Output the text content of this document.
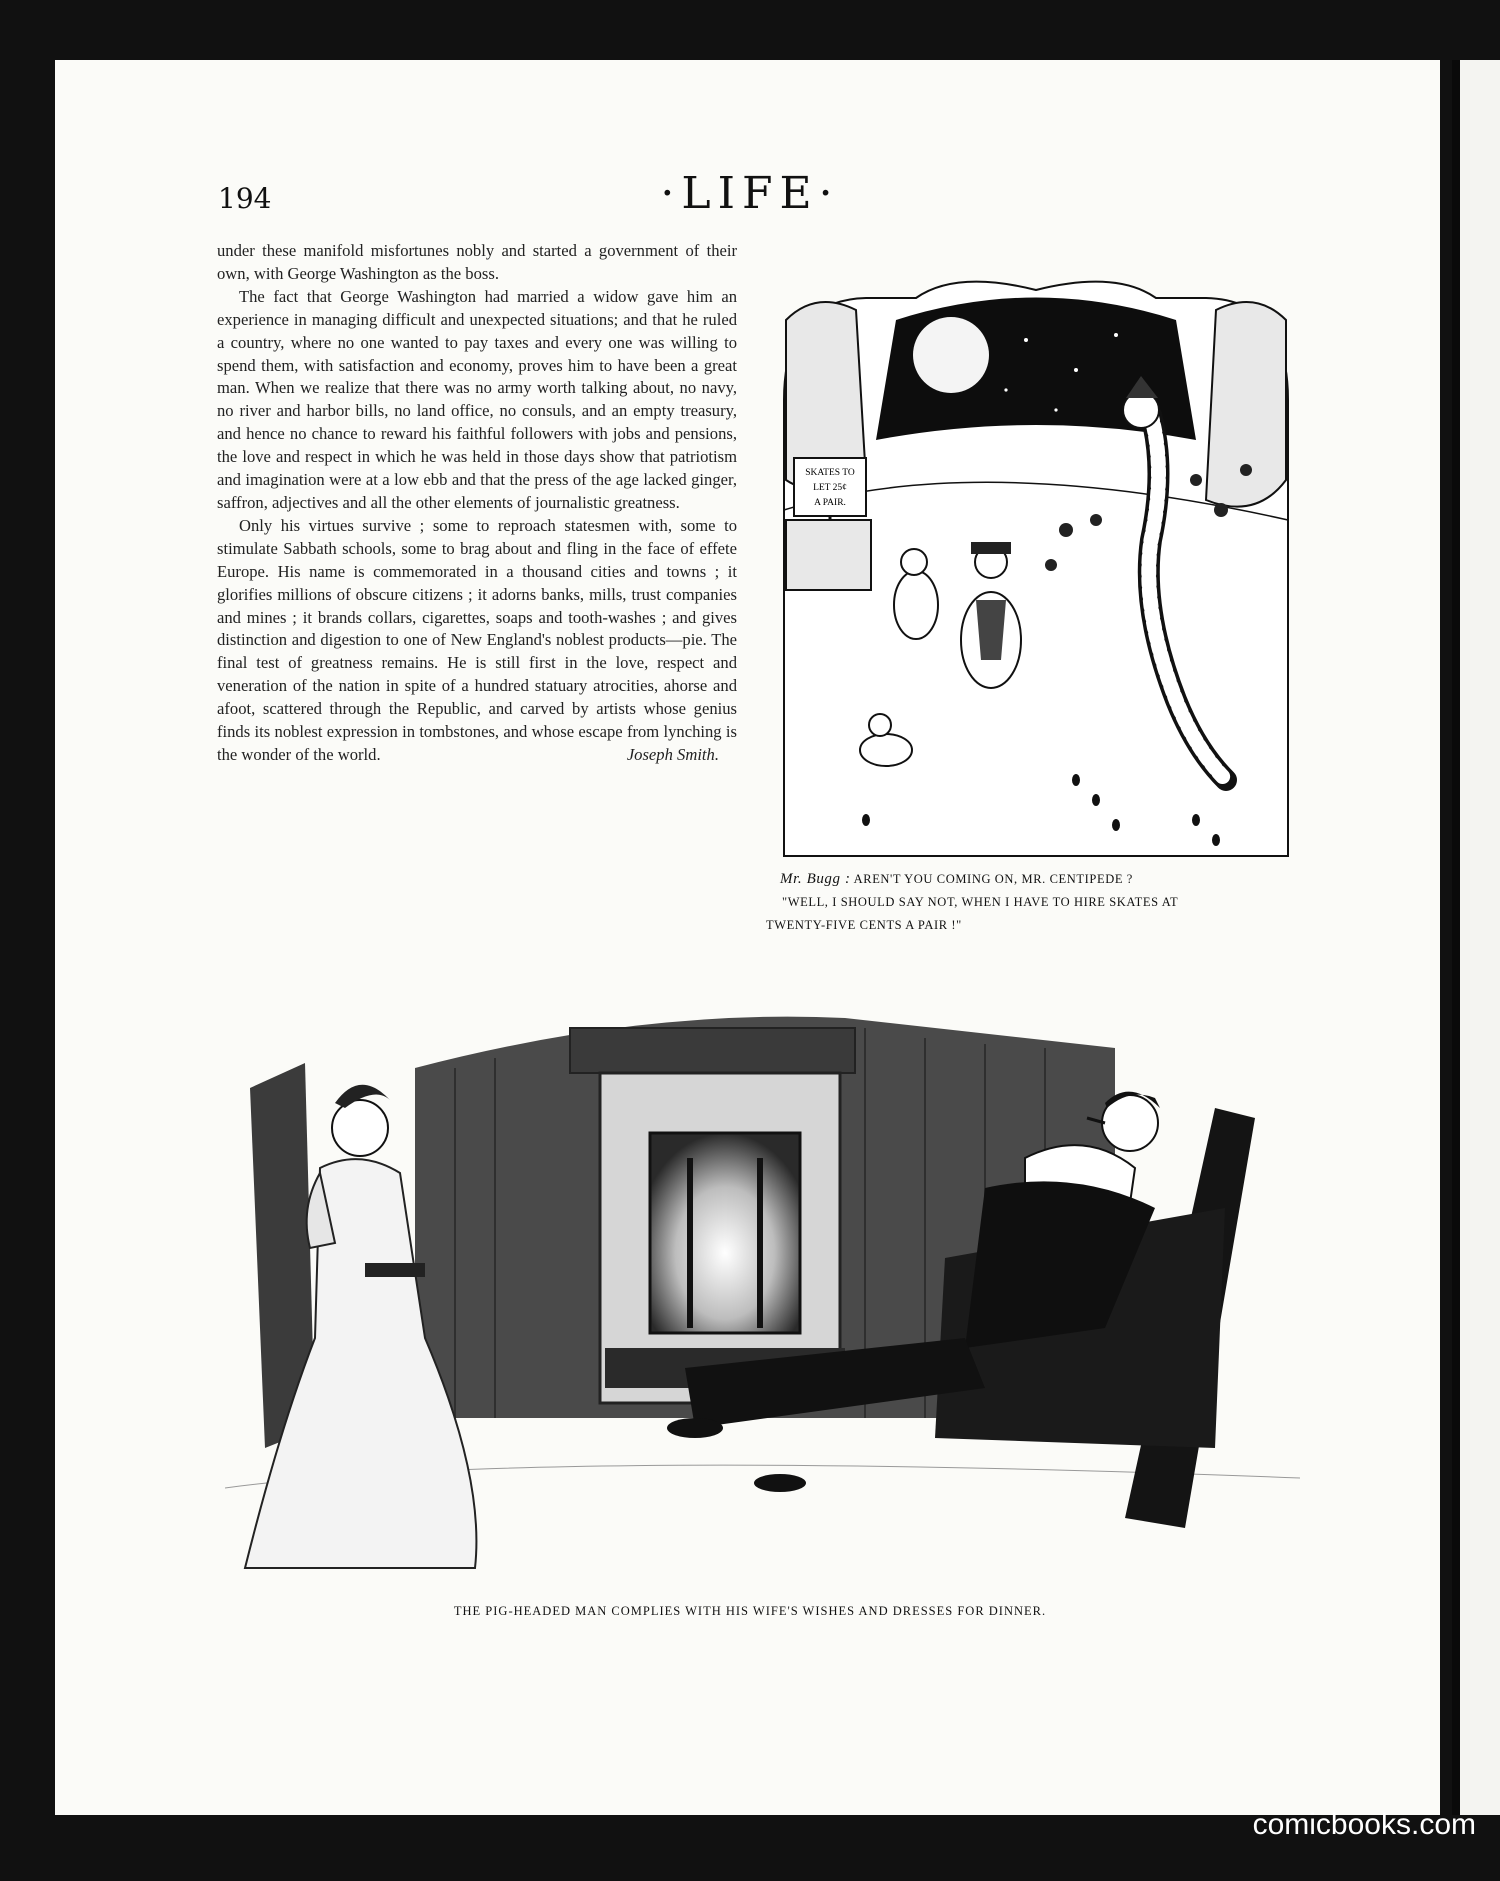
194	·LIFE·

under these manifold misfortunes nobly and started a government of their own, with George Washington as the boss.

The fact that George Washington had married a widow gave him an experience in managing difficult and unexpected situations; and that he ruled a country, where no one wanted to pay taxes and every one was willing to spend them, with satisfaction and economy, proves him to have been a great man. When we realize that there was no army worth talking about, no navy, no river and harbor bills, no land office, no consuls, and an empty treasury, and hence no chance to reward his faithful followers with jobs and pensions, the love and respect in which he was held in those days show that patriotism and imagination were at a low ebb and that the press of the age lacked ginger, saffron, adjectives and all the other elements of journalistic greatness.

Only his virtues survive ; some to reproach statesmen with, some to stimulate Sabbath schools, some to brag about and fling in the face of effete Europe. His name is commemorated in a thousand cities and towns ; it glorifies millions of obscure citizens ; it adorns banks, mills, trust companies and mines ; it brands collars, cigarettes, soaps and tooth-washes ; and gives distinction and digestion to one of New England's noblest products—pie. The final test of greatness remains. He is still first in the love, respect and veneration of the nation in spite of a hundred statuary atrocities, ahorse and afoot, scattered through the Republic, and carved by artists whose genius finds its noblest expression in tombstones, and whose escape from lynching is the wonder of the world.	Joseph Smith.

SKATES TO
LET 25¢
A PAIR.
Mr. Bugg : AREN'T YOU COMING ON, MR. CENTIPEDE ?
"WELL, I SHOULD SAY NOT, WHEN I HAVE TO HIRE SKATES AT
TWENTY-FIVE CENTS A PAIR !"
THE PIG-HEADED MAN COMPLIES WITH HIS WIFE'S WISHES AND DRESSES FOR DINNER.
comicbooks.com
